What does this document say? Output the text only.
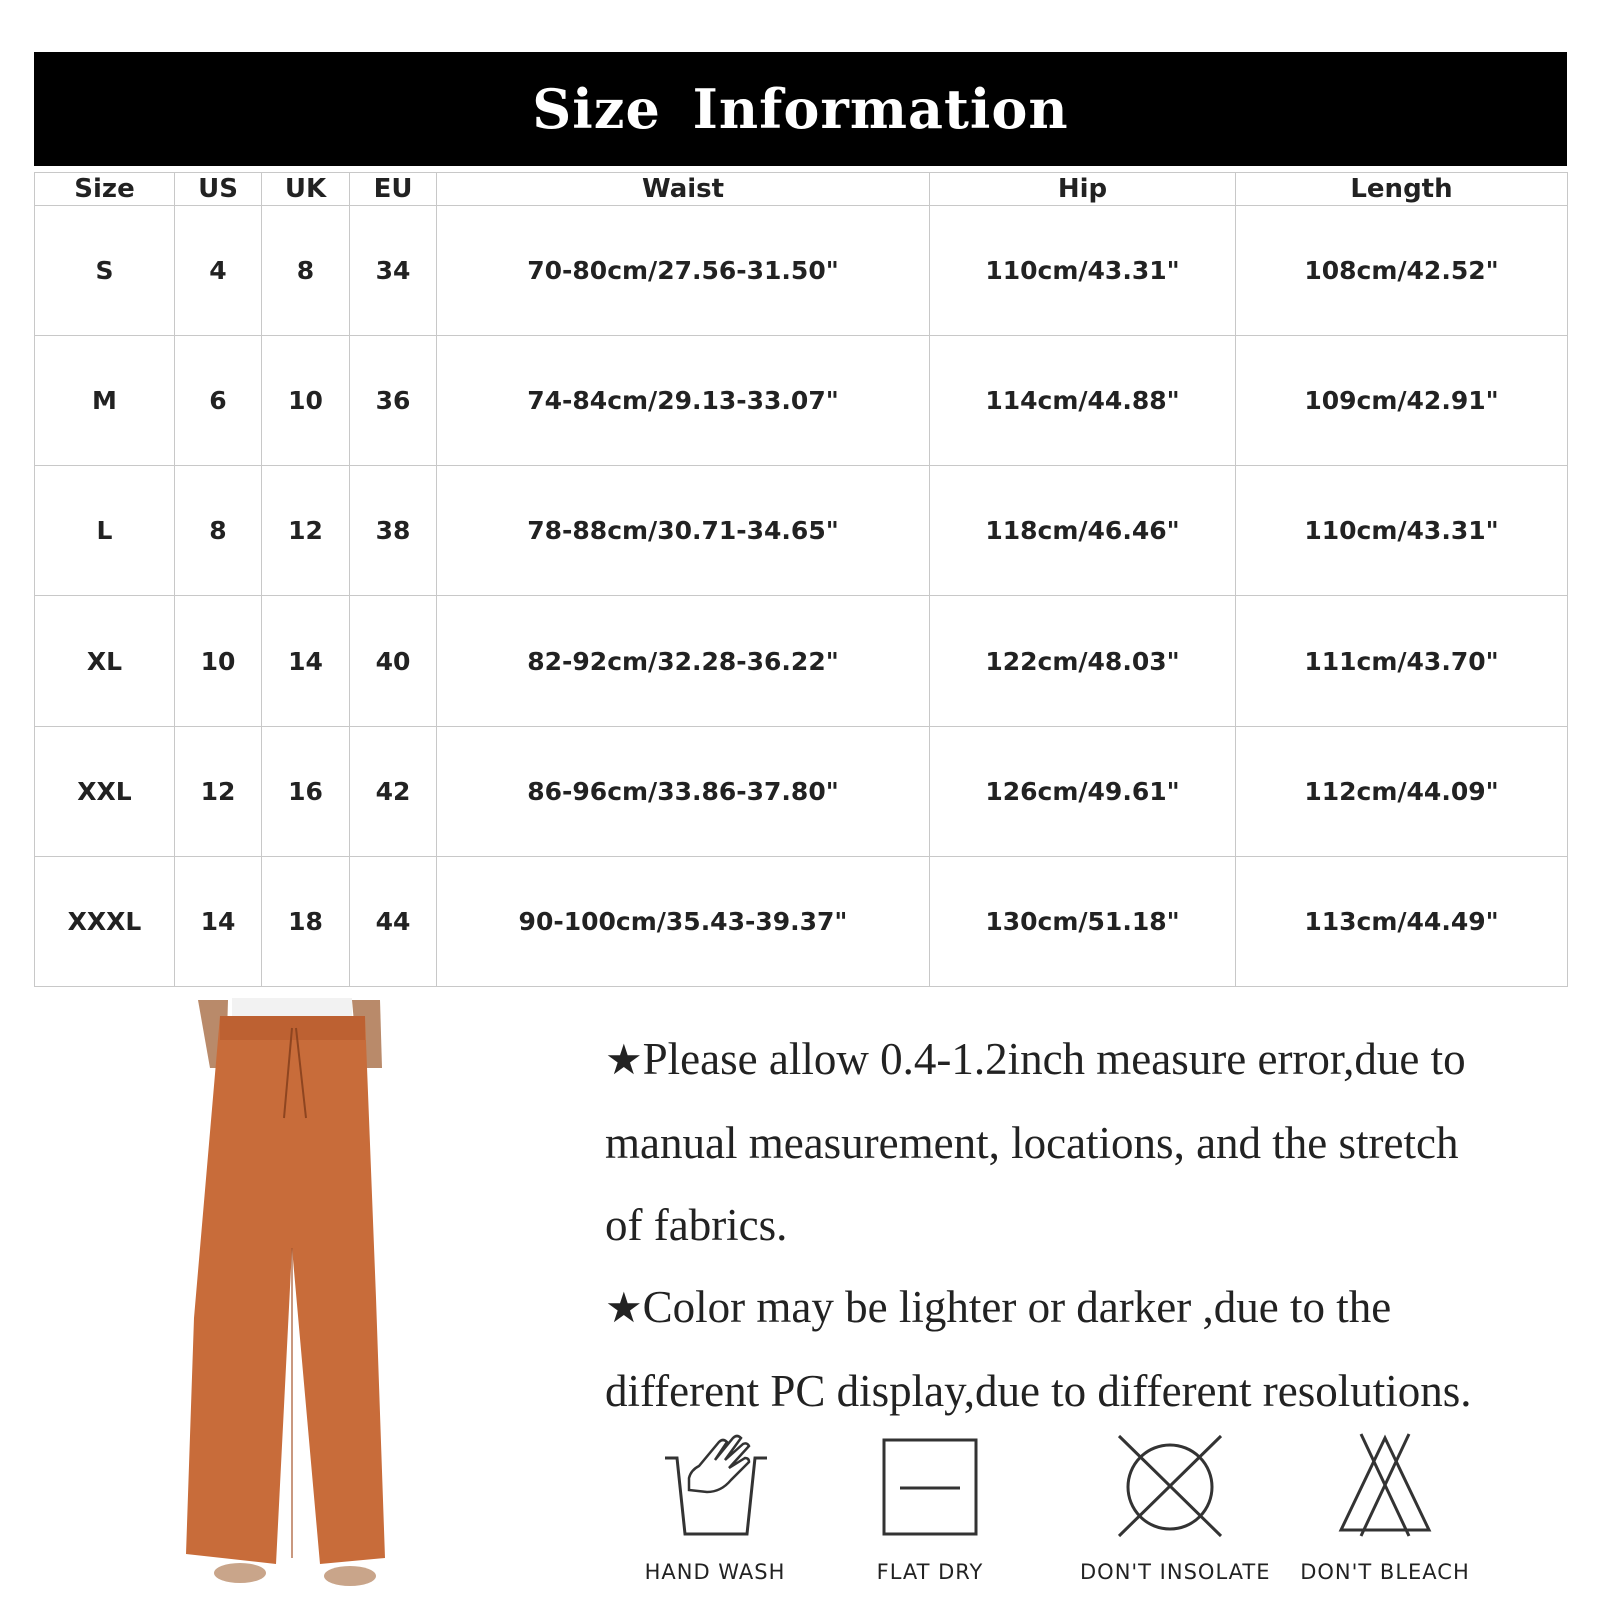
Size Information
Size	US	UK	EU	Waist	Hip	Length
S	4	8	34	70-80cm/27.56-31.50"	110cm/43.31"	108cm/42.52"
M	6	10	36	74-84cm/29.13-33.07"	114cm/44.88"	109cm/42.91"
L	8	12	38	78-88cm/30.71-34.65"	118cm/46.46"	110cm/43.31"
XL	10	14	40	82-92cm/32.28-36.22"	122cm/48.03"	111cm/43.70"
XXL	12	16	42	86-96cm/33.86-37.80"	126cm/49.61"	112cm/44.09"
XXXL	14	18	44	90-100cm/35.43-39.37"	130cm/51.18"	113cm/44.49"

★Please allow 0.4-1.2inch measure error,due to
manual measurement, locations, and the stretch
of fabrics.

★Color may be lighter or darker ,due to the
different PC display,due to different resolutions.

HAND WASH	FLAT DRY	DON'T INSOLATE DON'T BLEACH
